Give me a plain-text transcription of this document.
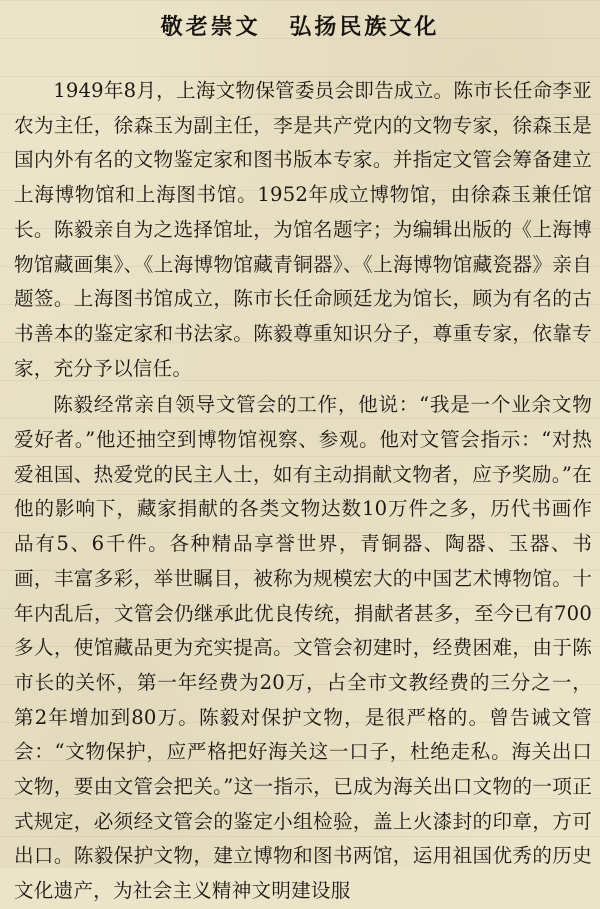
敬老崇文 弘扬民族文化

1949年8月，上海文物保管委员会即告成立。陈市长任命李亚农为主任，徐森玉为副主任，李是共产党内的文物专家，徐森玉是国内外有名的文物鉴定家和图书版本专家。并指定文管会筹备建立上海博物馆和上海图书馆。1952年成立博物馆，由徐森玉兼任馆长。陈毅亲自为之选择馆址，为馆名题字；为编辑出版的《上海博物馆藏画集》、《上海博物馆藏青铜器》、《上海博物馆藏瓷器》亲自题签。上海图书馆成立，陈市长任命顾廷龙为馆长，顾为有名的古书善本的鉴定家和书法家。陈毅尊重知识分子，尊重专家，依靠专家，充分予以信任。

陈毅经常亲自领导文管会的工作，他说：“我是一个业余文物爱好者。”他还抽空到博物馆视察、参观。他对文管会指示：“对热爱祖国、热爱党的民主人士，如有主动捐献文物者，应予奖励。”在他的影响下，藏家捐献的各类文物达数10万件之多，历代书画作品有5、6千件。各种精品享誉世界，青铜器、陶器、玉器、书画，丰富多彩，举世瞩目，被称为规模宏大的中国艺术博物馆。十年内乱后，文管会仍继承此优良传统，捐献者甚多，至今已有700多人，使馆藏品更为充实提高。文管会初建时，经费困难，由于陈市长的关怀，第一年经费为20万，占全市文教经费的三分之一，第2年增加到80万。陈毅对保护文物，是很严格的。曾告诫文管会：“文物保护，应严格把好海关这一口子，杜绝走私。海关出口文物，要由文管会把关。”这一指示，已成为海关出口文物的一项正式规定，必须经文管会的鉴定小组检验，盖上火漆封的印章，方可出口。陈毅保护文物，建立博物和图书两馆，运用祖国优秀的历史文化遗产，为社会主义精神文明建设服
